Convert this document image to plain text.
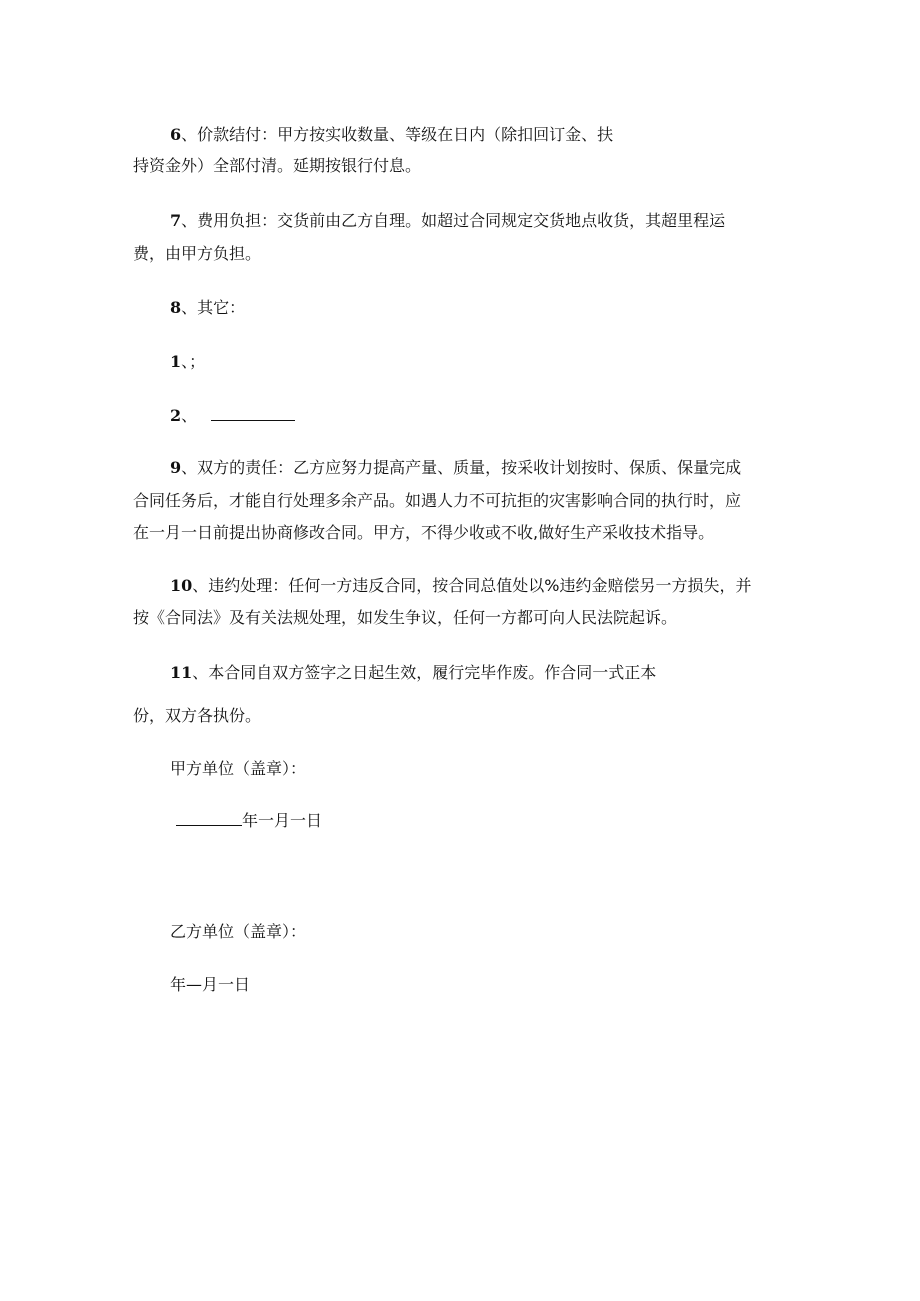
6、价款结付：甲方按实收数量、等级在日内（除扣回订金、扶
持资金外）全部付清。延期按银行付息。
7、费用负担：交货前由乙方自理。如超过合同规定交货地点收货，其超里程运
费，由甲方负担。
8、其它：
1、；
2、
9、双方的责任：乙方应努力提高产量、质量，按采收计划按时、保质、保量完成
合同任务后，才能自行处理多余产品。如遇人力不可抗拒的灾害影响合同的执行时，应
在一月一日前提出协商修改合同。甲方，不得少收或不收,做好生产采收技术指导。
10、违约处理：任何一方违反合同，按合同总值处以%违约金赔偿另一方损失，并
按《合同法》及有关法规处理，如发生争议，任何一方都可向人民法院起诉。
11、本合同自双方签字之日起生效，履行完毕作废。作合同一式正本
份，双方各执份。
甲方单位（盖章）：
年一月一日
乙方单位（盖章）：
年—月一日
